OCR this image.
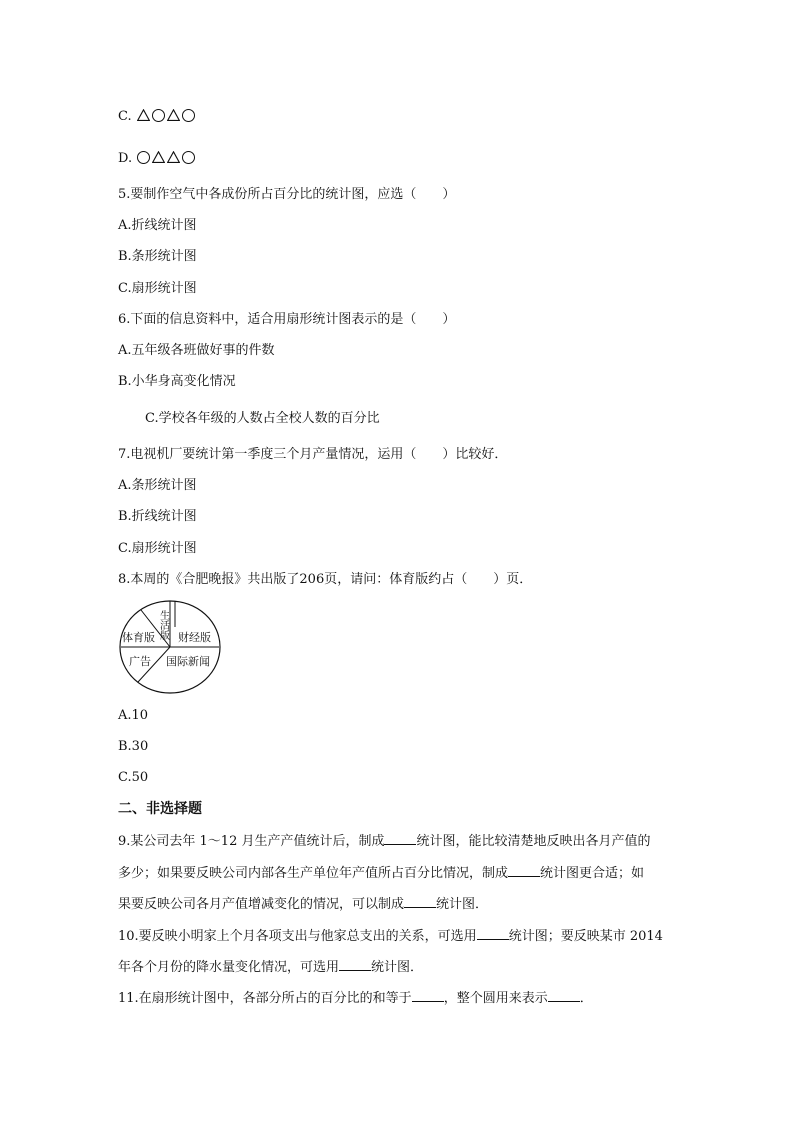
C.
D.
5.要制作空气中各成份所占百分比的统计图，应选（　　）
A.折线统计图
B.条形统计图
C.扇形统计图
6.下面的信息资料中，适合用扇形统计图表示的是（　　）
A.五年级各班做好事的件数
B.小华身高变化情况
C.学校各年级的人数占全校人数的百分比
7.电视机厂要统计第一季度三个月产量情况，运用（　　）比较好．
A.条形统计图
B.折线统计图
C.扇形统计图
8.本周的《合肥晚报》共出版了206页，请问：体育版约占（　　）页．
生活版 财经版
体育版
广告 国际新闻
A.10
B.30
C.50
二、非选择题
9.某公司去年 1～12 月生产产值统计后，制成 统计图，能比较清楚地反映出各月产值的
多少；如果要反映公司内部各生产单位年产值所占百分比情况，制成 统计图更合适；如
果要反映公司各月产值增减变化的情况，可以制成 统计图．
10.要反映小明家上个月各项支出与他家总支出的关系，可选用 统计图；要反映某市 2014
年各个月份的降水量变化情况，可选用 统计图．
11.在扇形统计图中，各部分所占的百分比的和等于 ，整个圆用来表示 ．
